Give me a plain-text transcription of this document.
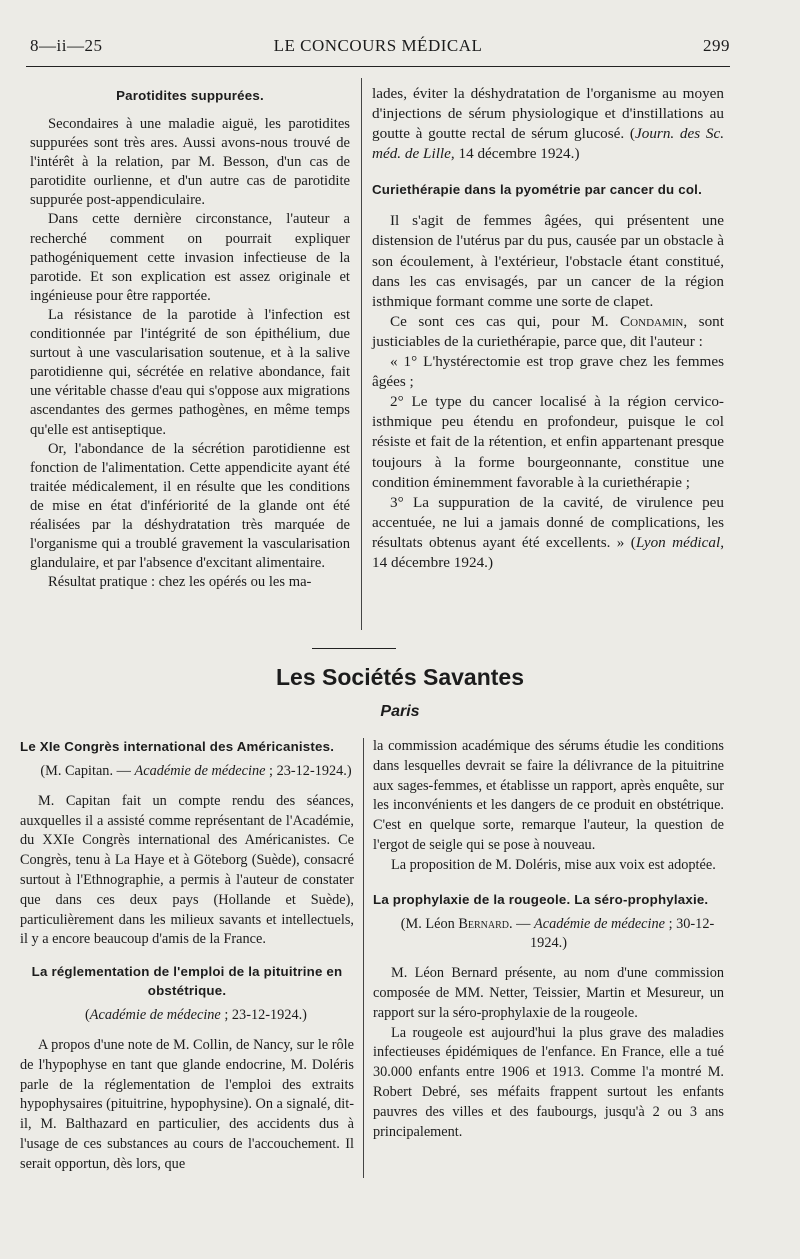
8—ii—25	LE CONCOURS MÉDICAL	299
Parotidites suppurées.

Secondaires à une maladie aiguë, les parotidites suppurées sont très ares. Aussi avons-nous trouvé de l'intérêt à la relation, par M. Besson, d'un cas de parotidite ourlienne, et d'un autre cas de parotidite suppurée post-appendiculaire.

Dans cette dernière circonstance, l'auteur a recherché comment on pourrait expliquer pathogéniquement cette invasion infectieuse de la parotide. Et son explication est assez originale et ingénieuse pour être rapportée.

La résistance de la parotide à l'infection est conditionnée par l'intégrité de son épithélium, due surtout à une vascularisation soutenue, et à la salive parotidienne qui, sécrétée en relative abondance, fait une véritable chasse d'eau qui s'oppose aux migrations ascendantes des germes pathogènes, en même temps qu'elle est antiseptique.

Or, l'abondance de la sécrétion parotidienne est fonction de l'alimentation. Cette appendicite ayant été traitée médicalement, il en résulte que les conditions de mise en état d'infériorité de la glande ont été réalisées par la déshydratation très marquée de l'organisme qui a troublé gravement la vascularisation glandulaire, et par l'absence d'excitant alimentaire.

Résultat pratique : chez les opérés ou les ma-

lades, éviter la déshydratation de l'organisme au moyen d'injections de sérum physiologique et d'instillations au goutte à goutte rectal de sérum glucosé. (Journ. des Sc. méd. de Lille, 14 décembre 1924.)

Curiethérapie dans la pyométrie par cancer du col.

Il s'agit de femmes âgées, qui présentent une distension de l'utérus par du pus, causée par un obstacle à son écoulement, à l'extérieur, l'obstacle étant constitué, dans les cas envisagés, par un cancer de la région isthmique formant comme une sorte de clapet.

Ce sont ces cas qui, pour M. Condamin, sont justiciables de la curiethérapie, parce que, dit l'auteur :

« 1° L'hystérectomie est trop grave chez les femmes âgées ;

2° Le type du cancer localisé à la région cervico-isthmique peu étendu en profondeur, puisque le col résiste et fait de la rétention, et enfin appartenant presque toujours à la forme bourgeonnante, constitue une condition éminemment favorable à la curiethérapie ;

3° La suppuration de la cavité, de virulence peu accentuée, ne lui a jamais donné de complications, les résultats obtenus ayant été excellents. » (Lyon médical, 14 décembre 1924.)

Les Sociétés Savantes
Paris
Le XIe Congrès international des Américanistes.

(M. Capitan. — Académie de médecine ; 23-12-1924.)

M. Capitan fait un compte rendu des séances, auxquelles il a assisté comme représentant de l'Académie, du XXIe Congrès international des Américanistes. Ce Congrès, tenu à La Haye et à Göteborg (Suède), consacré surtout à l'Ethnographie, a permis à l'auteur de constater que dans ces deux pays (Hollande et Suède), particulièrement dans les milieux savants et intellectuels, il y a encore beaucoup d'amis de la France.

La réglementation de l'emploi de la pituitrine en obstétrique.

(Académie de médecine ; 23-12-1924.)

A propos d'une note de M. Collin, de Nancy, sur le rôle de l'hypophyse en tant que glande endocrine, M. Doléris parle de la réglementation de l'emploi des extraits hypophysaires (pituitrine, hypophysine). On a signalé, dit-il, M. Balthazard en particulier, des accidents dus à l'usage de ces substances au cours de l'accouchement. Il serait opportun, dès lors, que

la commission académique des sérums étudie les conditions dans lesquelles devrait se faire la délivrance de la pituitrine aux sages-femmes, et établisse un rapport, après enquête, sur les inconvénients et les dangers de ce produit en obstétrique. C'est en quelque sorte, remarque l'auteur, la question de l'ergot de seigle qui se pose à nouveau.

La proposition de M. Doléris, mise aux voix est adoptée.

La prophylaxie de la rougeole. La séro-prophylaxie.

(M. Léon Bernard. — Académie de médecine ; 30-12-1924.)

M. Léon Bernard présente, au nom d'une commission composée de MM. Netter, Teissier, Martin et Mesureur, un rapport sur la séro-prophylaxie de la rougeole.

La rougeole est aujourd'hui la plus grave des maladies infectieuses épidémiques de l'enfance. En France, elle a tué 30.000 enfants entre 1906 et 1913. Comme l'a montré M. Robert Debré, ses méfaits frappent surtout les enfants pauvres des villes et des faubourgs, jusqu'à 2 ou 3 ans principalement.
